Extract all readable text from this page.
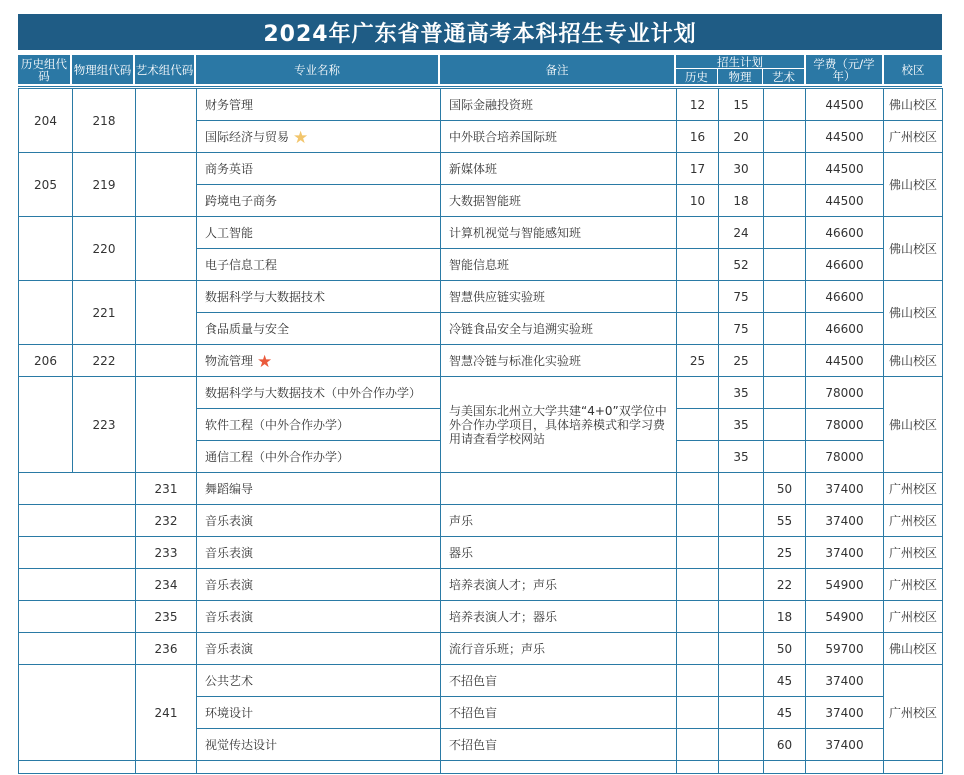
2024年广东省普通高考本科招生专业计划
历史组代码	物理组代码 艺术组代码	专业名称	备注
招生计划
历史	物理	艺术
学费（元/学年）	校区
204	218		财务管理	国际金融投资班	12	15		44500	佛山校区
			国际经济与贸易 ★	中外联合培养国际班	16	20		44500	广州校区
205	219		商务英语	新媒体班	17	30		44500	佛山校区
			跨境电子商务	大数据智能班	10	18		44500	
	220		人工智能	计算机视觉与智能感知班		24		46600	佛山校区
			电子信息工程	智能信息班		52		46600	
	221		数据科学与大数据技术	智慧供应链实验班		75		46600	佛山校区
			食品质量与安全	冷链食品安全与追溯实验班		75		46600	
206	222		物流管理 ★	智慧冷链与标准化实验班	25	25		44500	佛山校区
	223		数据科学与大数据技术（中外合作办学）	与美国东北州立大学共建“4+0”双学位中外合作办学项目，具体培养模式和学习费用请查看学校网站		35		78000	佛山校区
			软件工程（中外合作办学）			35		78000	
			通信工程（中外合作办学）			35		78000	
		231	舞蹈编导				50	37400	广州校区
		232	音乐表演	声乐			55	37400	广州校区
		233	音乐表演	器乐			25	37400	广州校区
		234	音乐表演	培养表演人才；声乐			22	54900	广州校区
		235	音乐表演	培养表演人才；器乐			18	54900	广州校区
		236	音乐表演	流行音乐班；声乐			50	59700	佛山校区
		241	公共艺术	不招色盲			45	37400	广州校区
			环境设计	不招色盲			45	37400	
			视觉传达设计	不招色盲			60	37400	
